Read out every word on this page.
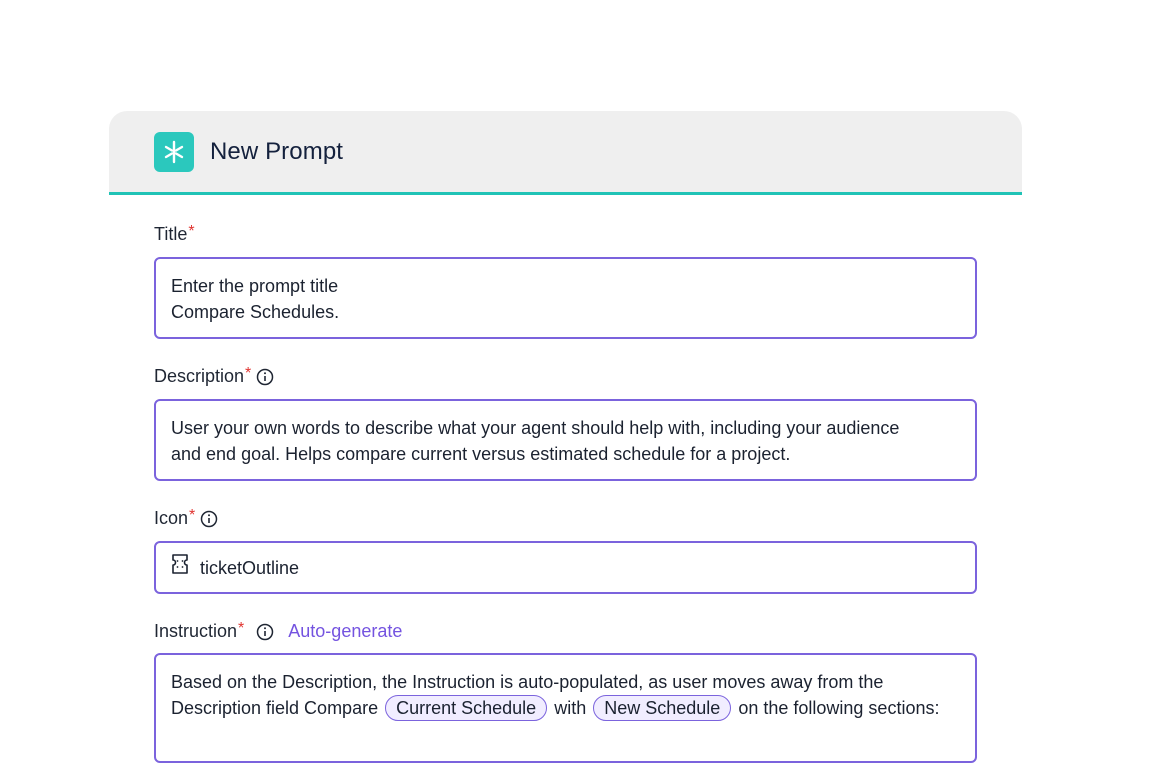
New Prompt
Title *
Enter the prompt title
Compare Schedules.
Description *
User your own words to describe what your agent should help with, including your audience
and end goal. Helps compare current versus estimated schedule for a project.
Icon *
ticketOutline
Instruction * Auto-generate
Based on the Description, the Instruction is auto-populated, as user moves away from the
Description field Compare Current Schedule with New Schedule on the following sections:
